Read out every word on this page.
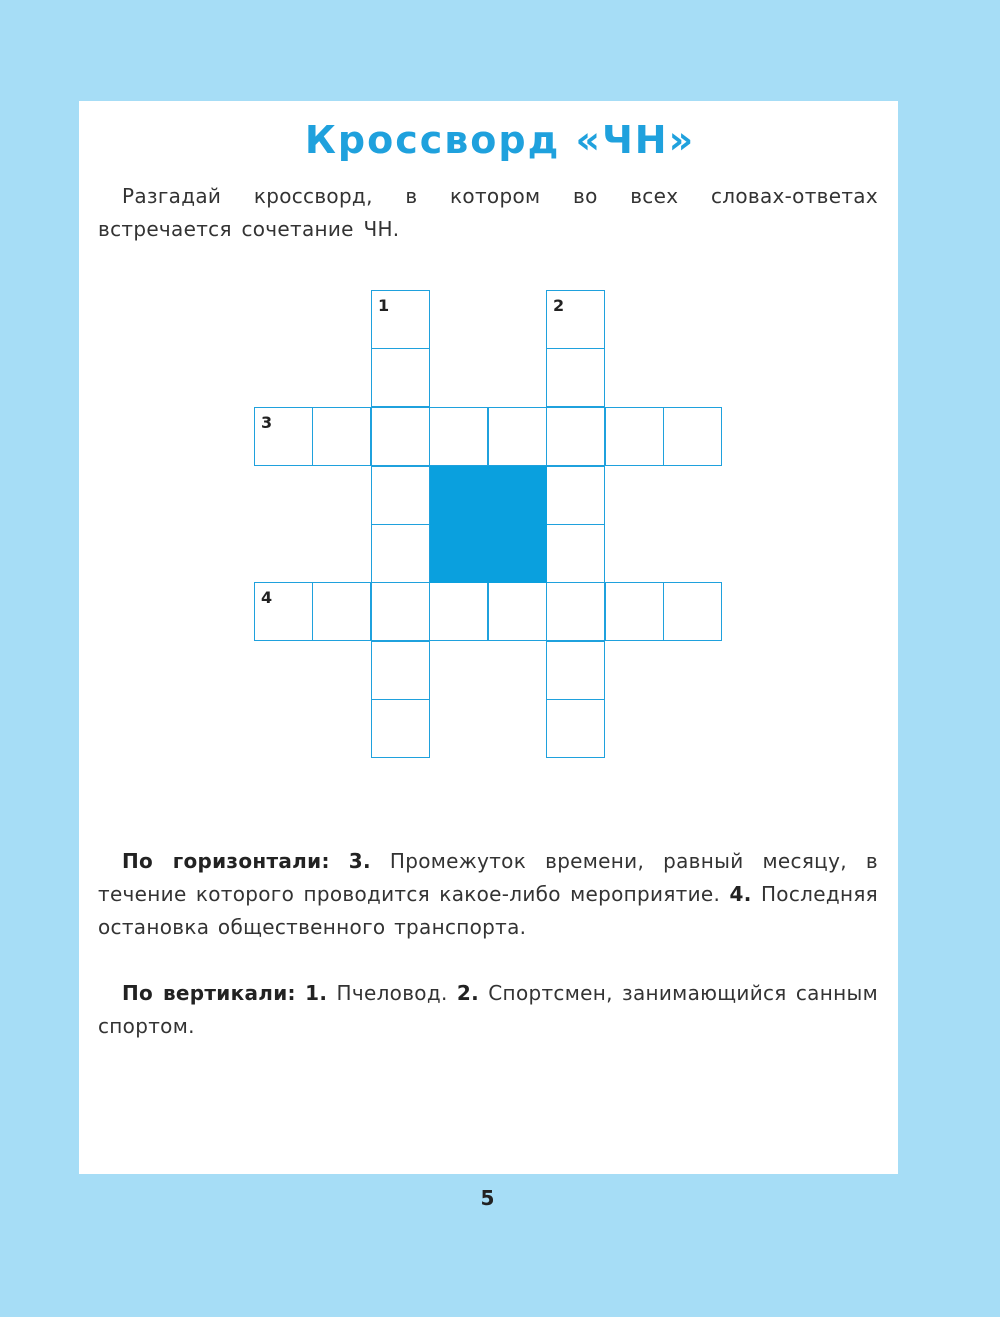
Кроссворд «ЧН»

Разгадай кроссворд, в котором во всех словах-ответах встречается сочетание ЧН.

1	2
3
4

По горизонтали: 3. Промежуток времени, равный месяцу, в течение которого проводится какое-либо мероприятие. 4. Последняя остановка общественного транспорта.

По вертикали: 1. Пчеловод. 2. Спортсмен, занимающийся санным спортом.

5
